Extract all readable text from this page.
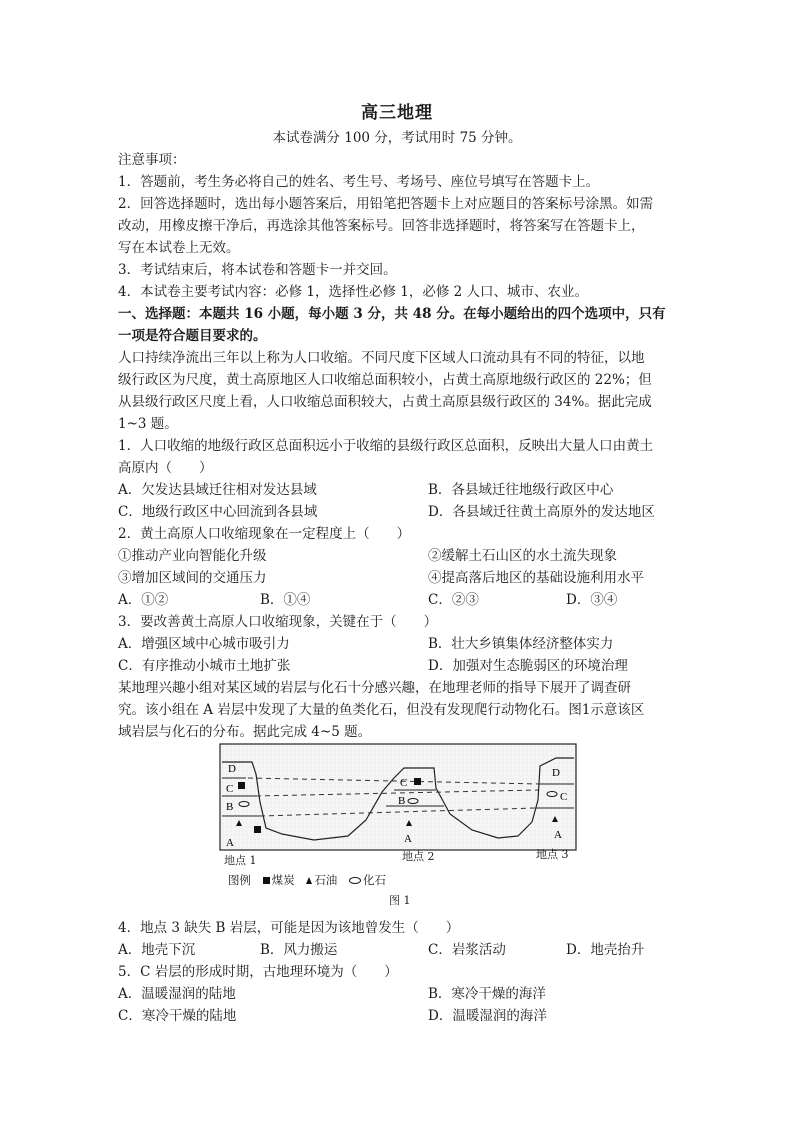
高三地理
本试卷满分 100 分，考试用时 75 分钟。
注意事项：
1．答题前，考生务必将自己的姓名、考生号、考场号、座位号填写在答题卡上。
2．回答选择题时，选出每小题答案后，用铅笔把答题卡上对应题目的答案标号涂黑。如需
改动，用橡皮擦干净后，再选涂其他答案标号。回答非选择题时，将答案写在答题卡上，
写在本试卷上无效。
3．考试结束后，将本试卷和答题卡一并交回。
4．本试卷主要考试内容：必修 1，选择性必修 1，必修 2 人口、城市、农业。
一、选择题：本题共 16 小题，每小题 3 分，共 48 分。在每小题给出的四个选项中，只有
一项是符合题目要求的。
人口持续净流出三年以上称为人口收缩。不同尺度下区域人口流动具有不同的特征，以地
级行政区为尺度，黄土高原地区人口收缩总面积较小，占黄土高原地级行政区的 22%；但
从县级行政区尺度上看，人口收缩总面积较大，占黄土高原县级行政区的 34%。据此完成
1~3 题。
1．人口收缩的地级行政区总面积远小于收缩的县级行政区总面积，反映出大量人口由黄土
高原内（　　）
A．欠发达县域迁往相对发达县域	B．各县域迁往地级行政区中心
C．地级行政区中心回流到各县域	D．各县域迁往黄土高原外的发达地区
2．黄土高原人口收缩现象在一定程度上（　　）
①推动产业向智能化升级	②缓解土石山区的水土流失现象
③增加区域间的交通压力	④提高落后地区的基础设施利用水平
A．①②	B．①④	C．②③	D．③④
3．要改善黄土高原人口收缩现象，关键在于（　　）
A．增强区域中心城市吸引力	B．壮大乡镇集体经济整体实力
C．有序推动小城市土地扩张	D．加强对生态脆弱区的环境治理
某地理兴趣小组对某区域的岩层与化石十分感兴趣，在地理老师的指导下展开了调查研
究。该小组在 A 岩层中发现了大量的鱼类化石，但没有发现爬行动物化石。图1示意该区
域岩层与化石的分布。据此完成 4~5 题。
D
C
B
A
C
B
A
D
C
A
地点 1	地点 2	地点 3
图例 煤炭 石油 化石
图 1
4．地点 3 缺失 B 岩层，可能是因为该地曾发生（　　）
A．地壳下沉	B．风力搬运	C．岩浆活动	D．地壳抬升
5．C 岩层的形成时期，古地理环境为（　　）
A．温暖湿润的陆地	B．寒冷干燥的海洋
C．寒冷干燥的陆地	D．温暖湿润的海洋
